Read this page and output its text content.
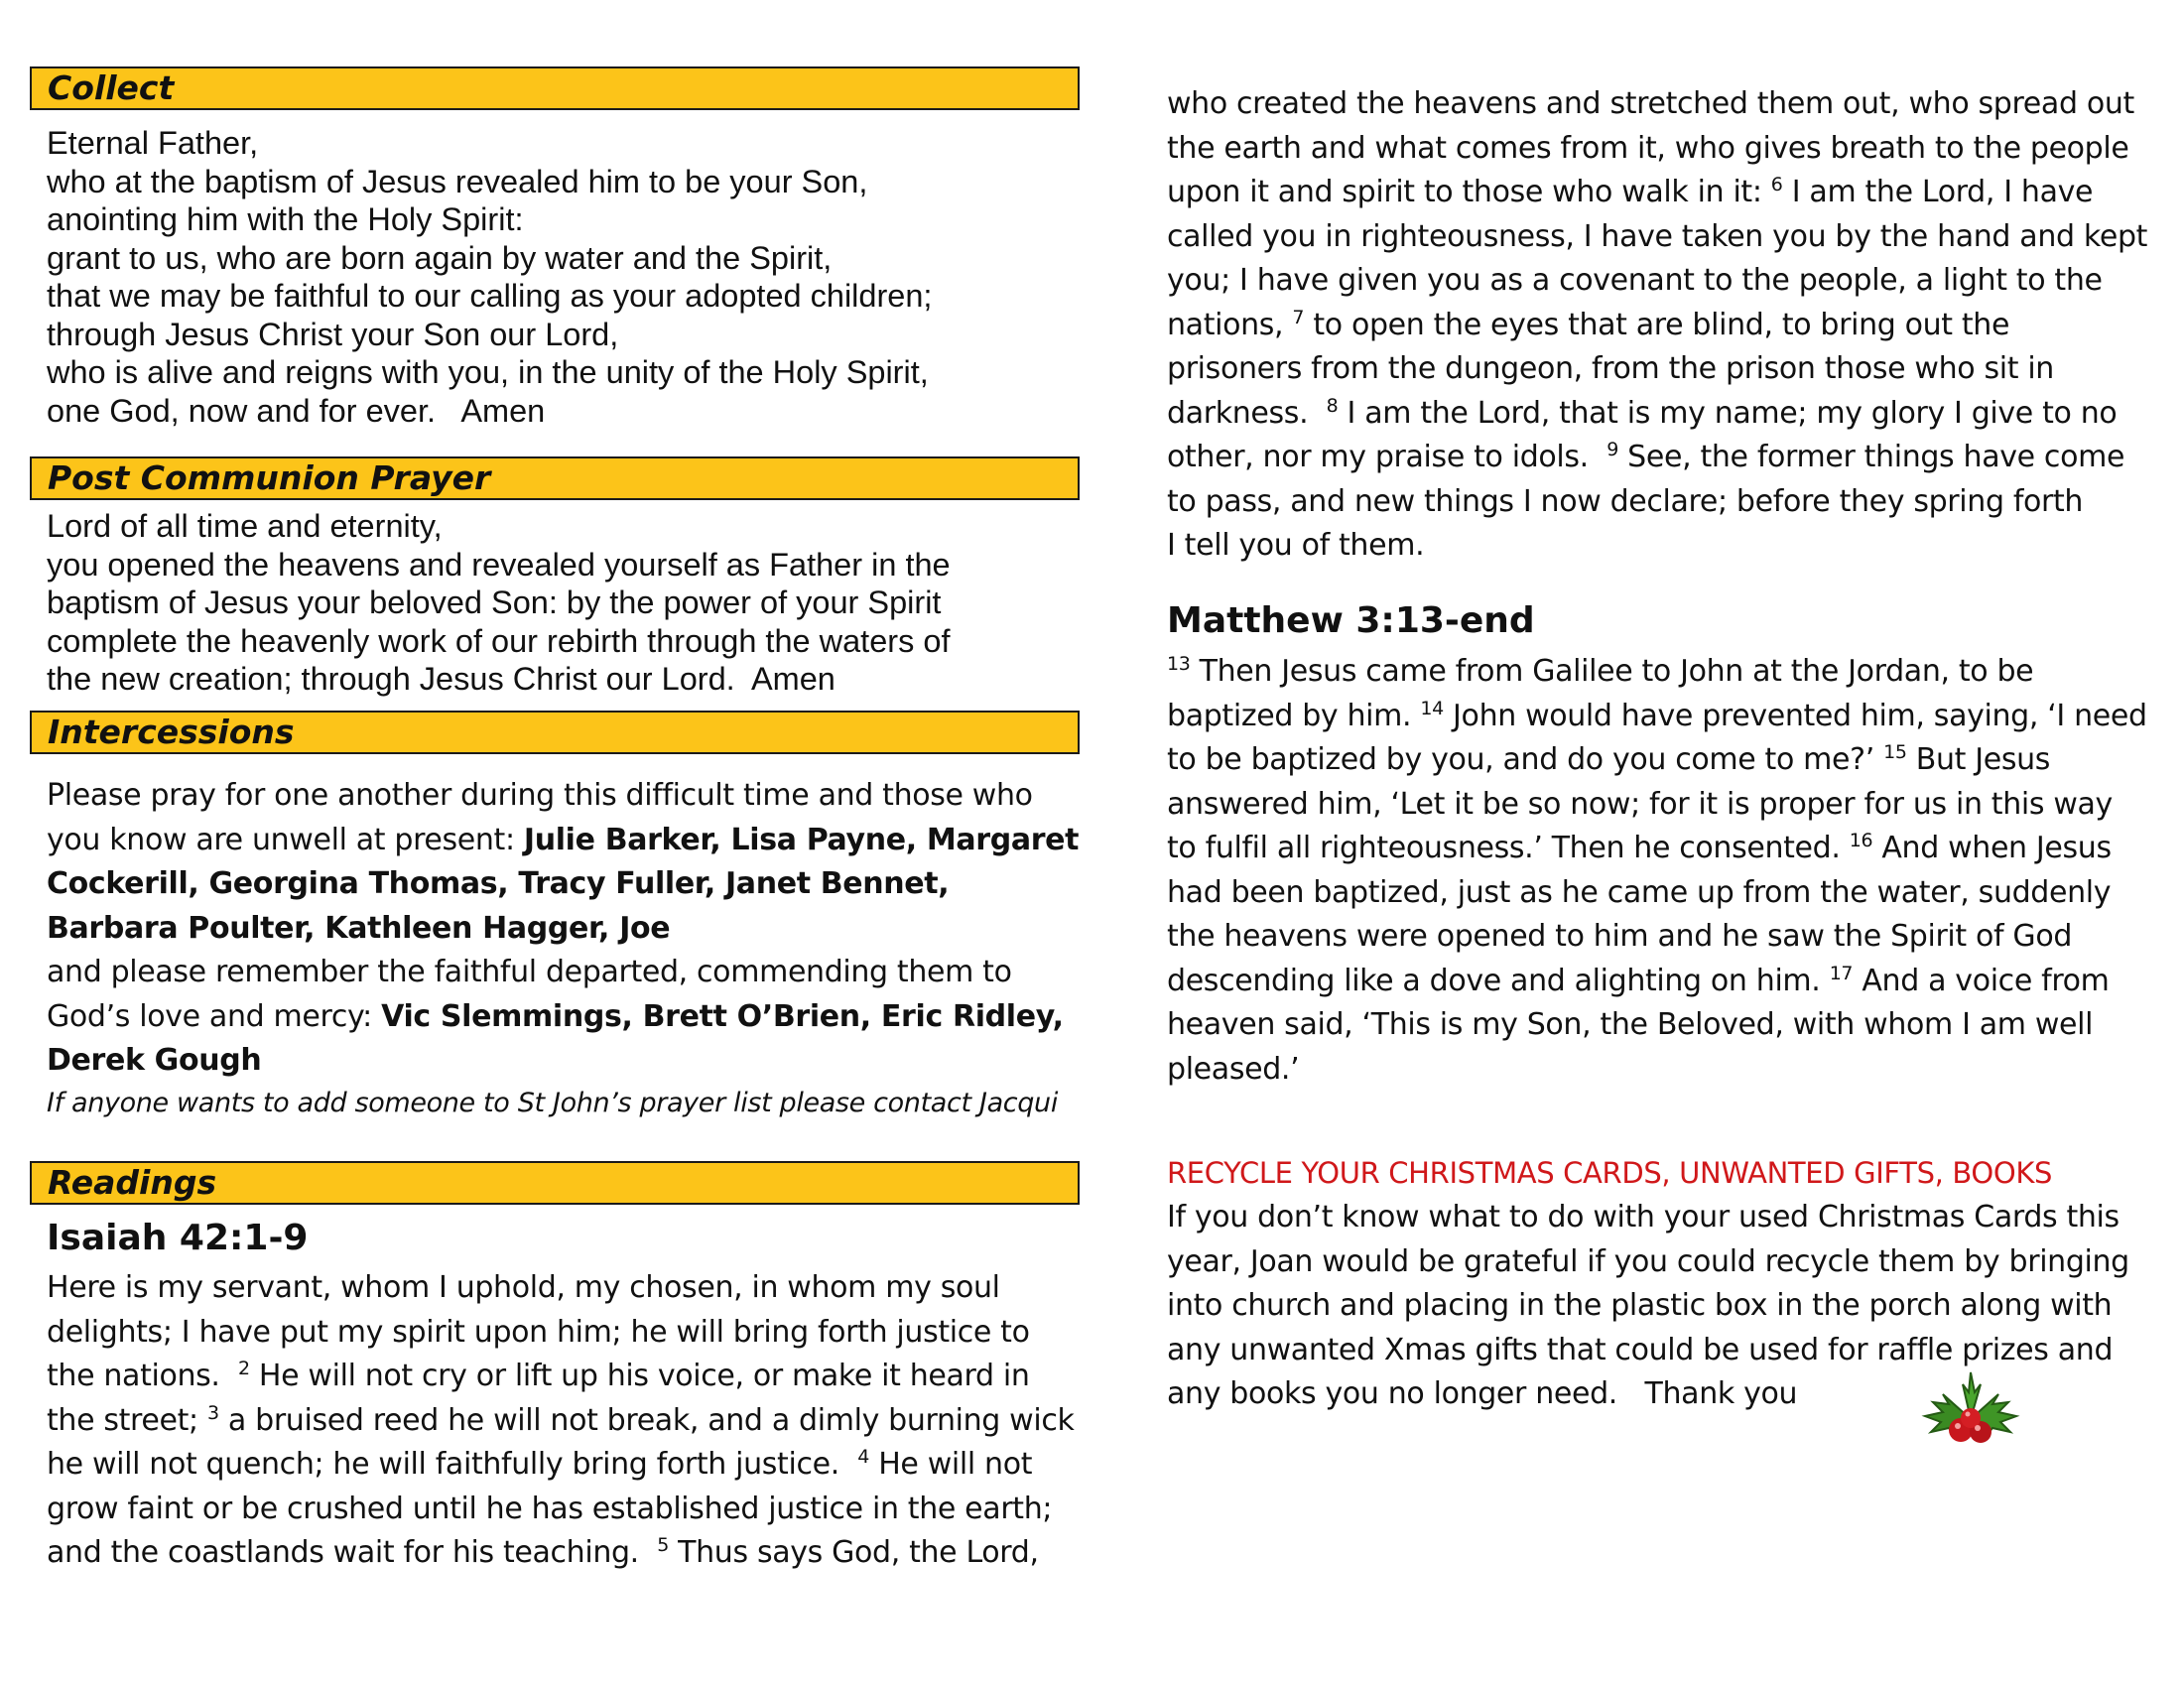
Collect
Eternal Father,
who at the baptism of Jesus revealed him to be your Son,
anointing him with the Holy Spirit:
grant to us, who are born again by water and the Spirit,
that we may be faithful to our calling as your adopted children;
through Jesus Christ your Son our Lord,
who is alive and reigns with you, in the unity of the Holy Spirit,
one God, now and for ever.   Amen
Post Communion Prayer
Lord of all time and eternity,
you opened the heavens and revealed yourself as Father in the
baptism of Jesus your beloved Son: by the power of your Spirit
complete the heavenly work of our rebirth through the waters of
the new creation; through Jesus Christ our Lord.  Amen
Intercessions
Please pray for one another during this difficult time and those who
you know are unwell at present: Julie Barker, Lisa Payne, Margaret
Cockerill, Georgina Thomas, Tracy Fuller, Janet Bennet,
Barbara Poulter, Kathleen Hagger, Joe
and please remember the faithful departed, commending them to
God’s love and mercy: Vic Slemmings, Brett O’Brien, Eric Ridley,
Derek Gough
If anyone wants to add someone to St John’s prayer list please contact Jacqui
Readings
Isaiah 42:1-9
Here is my servant, whom I uphold, my chosen, in whom my soul
delights; I have put my spirit upon him; he will bring forth justice to
the nations.  $^2$ He will not cry or lift up his voice, or make it heard in
the street; $^3$ a bruised reed he will not break, and a dimly burning wick
he will not quench; he will faithfully bring forth justice.  $^4$ He will not
grow faint or be crushed until he has established justice in the earth;
and the coastlands wait for his teaching.  $^5$ Thus says God, the Lord,
who created the heavens and stretched them out, who spread out
the earth and what comes from it, who gives breath to the people
upon it and spirit to those who walk in it: $^6$ I am the Lord, I have
called you in righteousness, I have taken you by the hand and kept
you; I have given you as a covenant to the people, a light to the
nations, $^7$ to open the eyes that are blind, to bring out the
prisoners from the dungeon, from the prison those who sit in
darkness.  $^8$ I am the Lord, that is my name; my glory I give to no
other, nor my praise to idols.  $^9$ See, the former things have come
to pass, and new things I now declare; before they spring forth
I tell you of them.
Matthew 3:13-end
$^{13}$ Then Jesus came from Galilee to John at the Jordan, to be
baptized by him. $^{14}$ John would have prevented him, saying, ‘I need
to be baptized by you, and do you come to me?’ $^{15}$ But Jesus
answered him, ‘Let it be so now; for it is proper for us in this way
to fulfil all righteousness.’ Then he consented. $^{16}$ And when Jesus
had been baptized, just as he came up from the water, suddenly
the heavens were opened to him and he saw the Spirit of God
descending like a dove and alighting on him. $^{17}$ And a voice from
heaven said, ‘This is my Son, the Beloved, with whom I am well
pleased.’
RECYCLE YOUR CHRISTMAS CARDS, UNWANTED GIFTS, BOOKS
If you don’t know what to do with your used Christmas Cards this
year, Joan would be grateful if you could recycle them by bringing
into church and placing in the plastic box in the porch along with
any unwanted Xmas gifts that could be used for raffle prizes and
any books you no longer need.   Thank you
